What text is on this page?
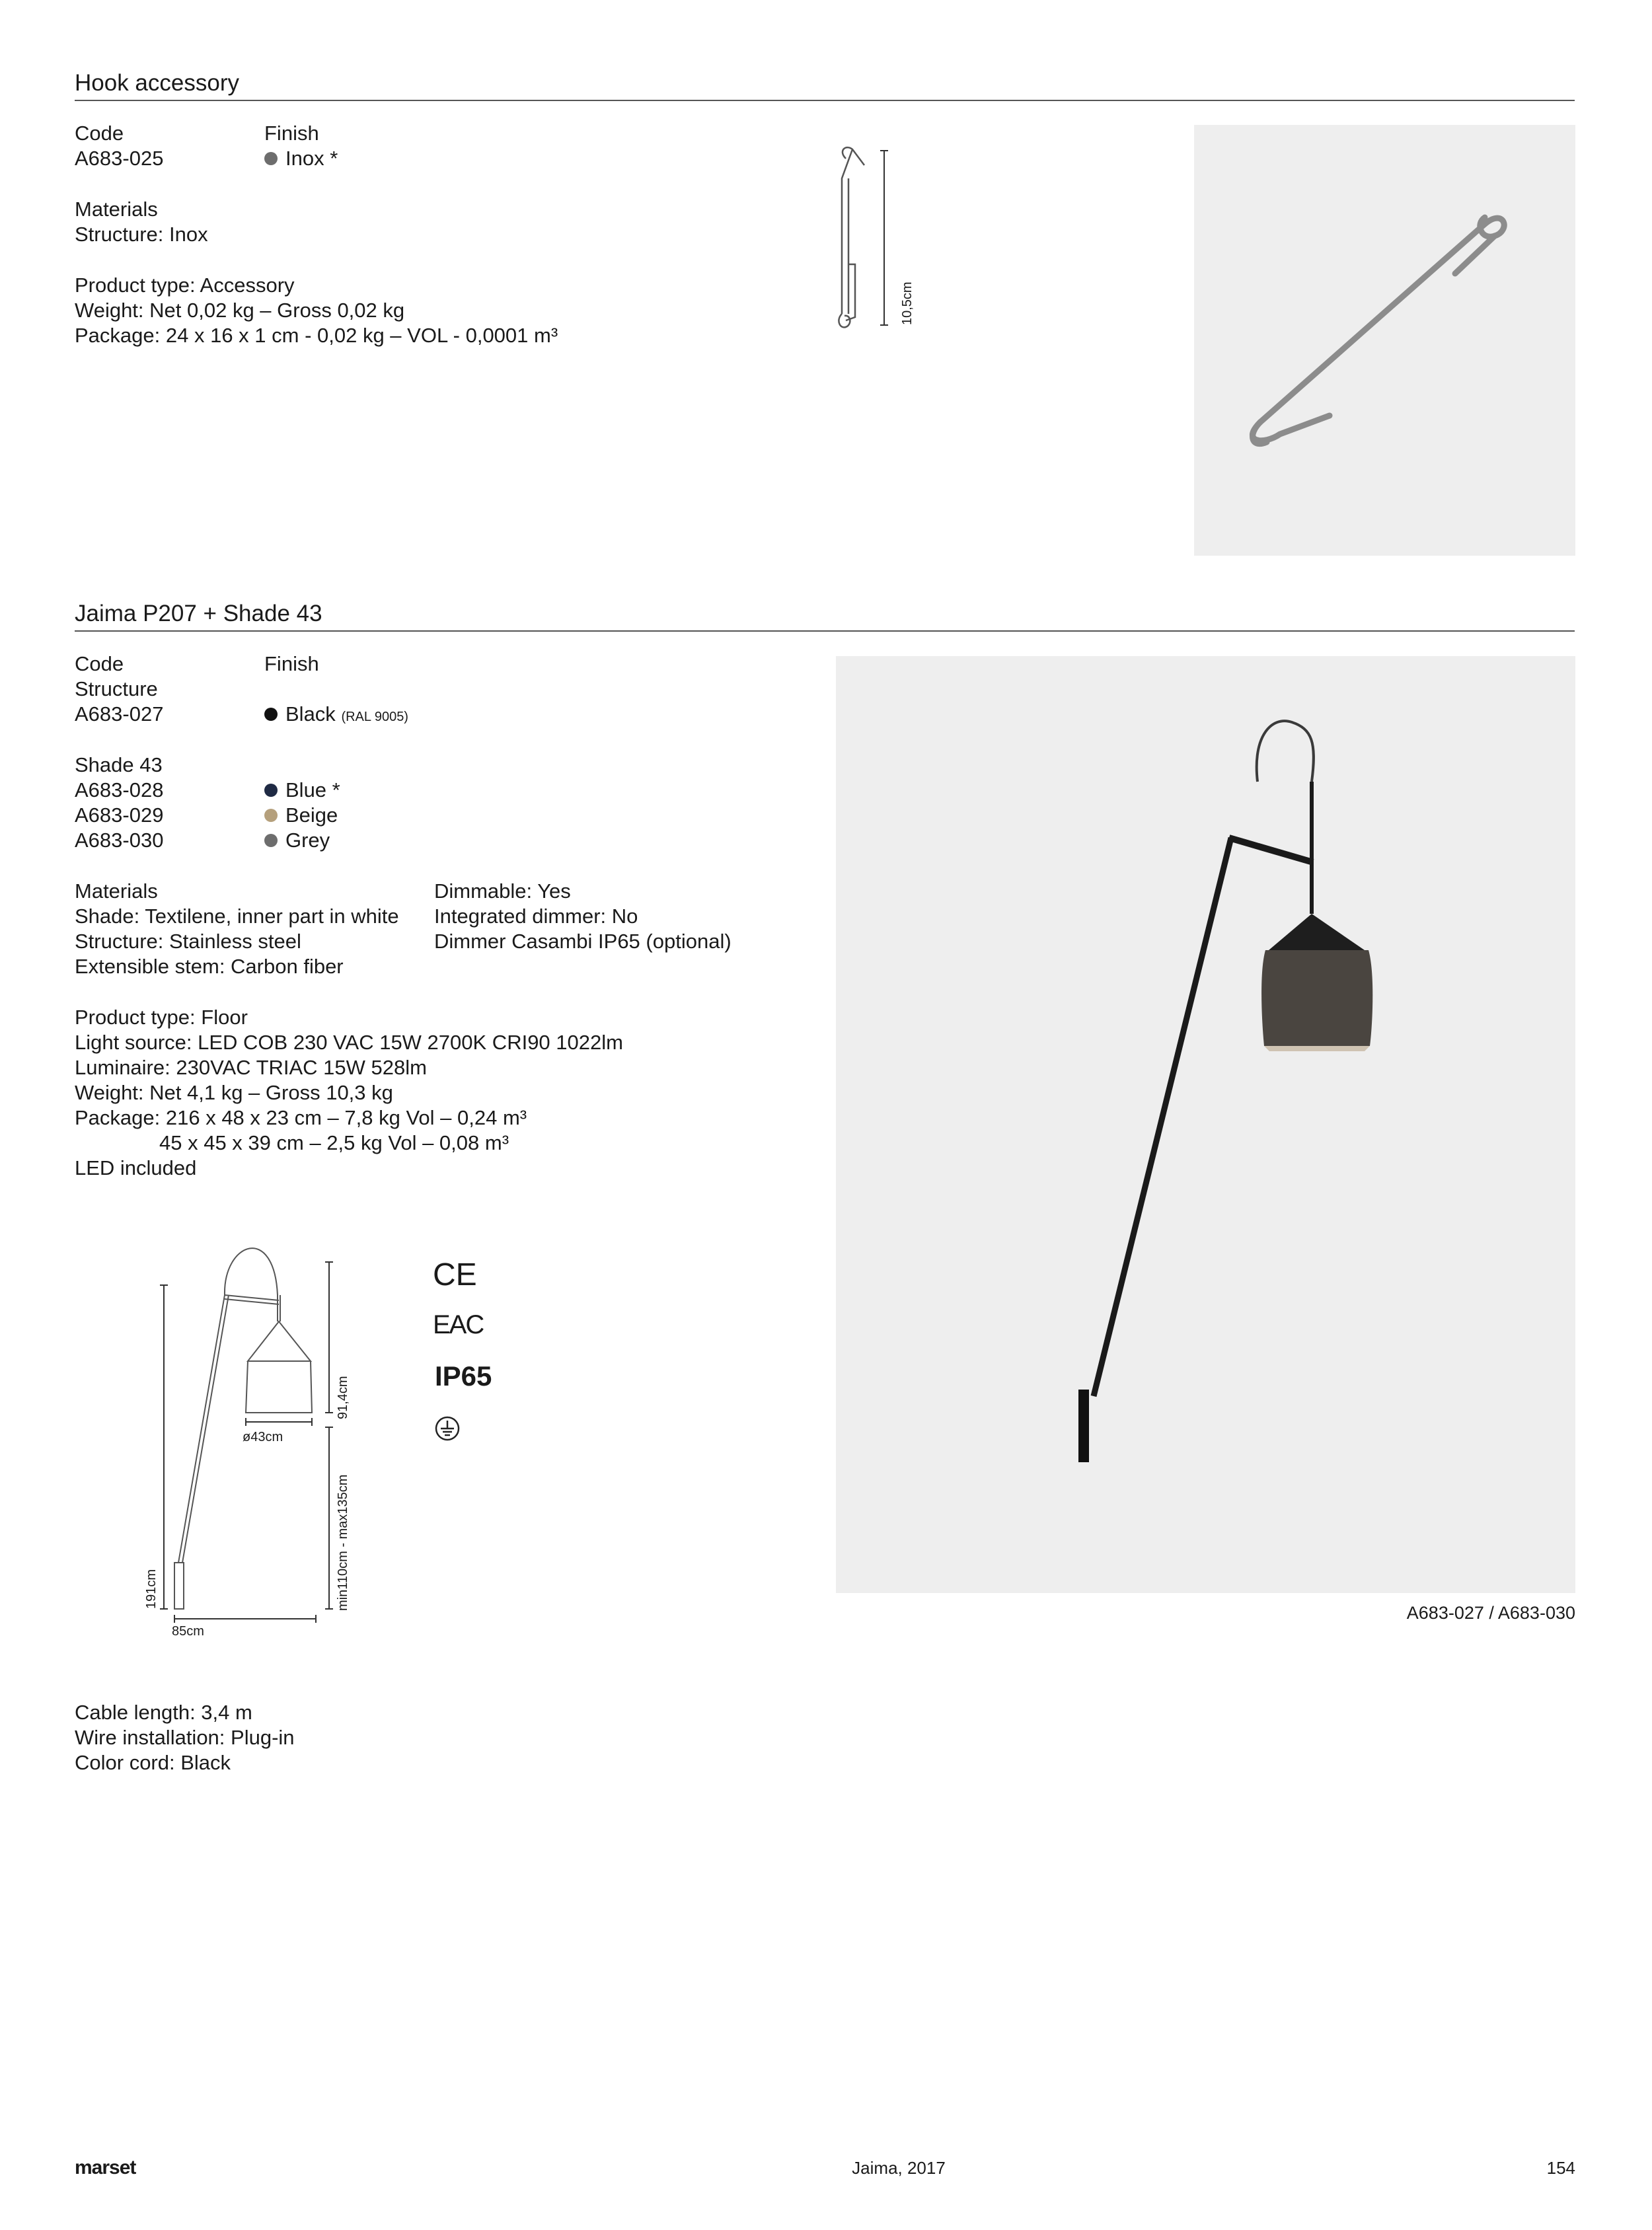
Hook accessory
Code	Finish
A683-025	Inox *
Materials
Structure: Inox
Product type: Accessory
Weight: Net 0,02 kg – Gross 0,02 kg
Package: 24 x 16 x 1 cm - 0,02 kg – VOL - 0,0001 m³
10,5cm
Jaima P207 + Shade 43
Code	Finish
Structure
A683-027	Black (RAL 9005)
Shade 43
A683-028	Blue *
A683-029	Beige
A683-030	Grey
Materials
Shade: Textilene, inner part in white
Structure: Stainless steel
Extensible stem: Carbon fiber
Dimmable: Yes
Integrated dimmer: No
Dimmer Casambi IP65 (optional)
Product type: Floor
Light source: LED COB 230 VAC 15W 2700K CRI90 1022lm
Luminaire: 230VAC TRIAC 15W 528lm
Weight: Net 4,1 kg – Gross 10,3 kg
Package: 216 x 48 x 23 cm – 7,8 kg Vol – 0,24 m³
45 x 45 x 39 cm – 2,5 kg Vol – 0,08 m³
LED included
ø43cm
191cm
85cm
91,4cm
min110cm - max135cm
CE
EAC
IP65
A683-027 / A683-030
Cable length: 3,4 m
Wire installation: Plug-in
Color cord: Black
marset	Jaima, 2017	154
